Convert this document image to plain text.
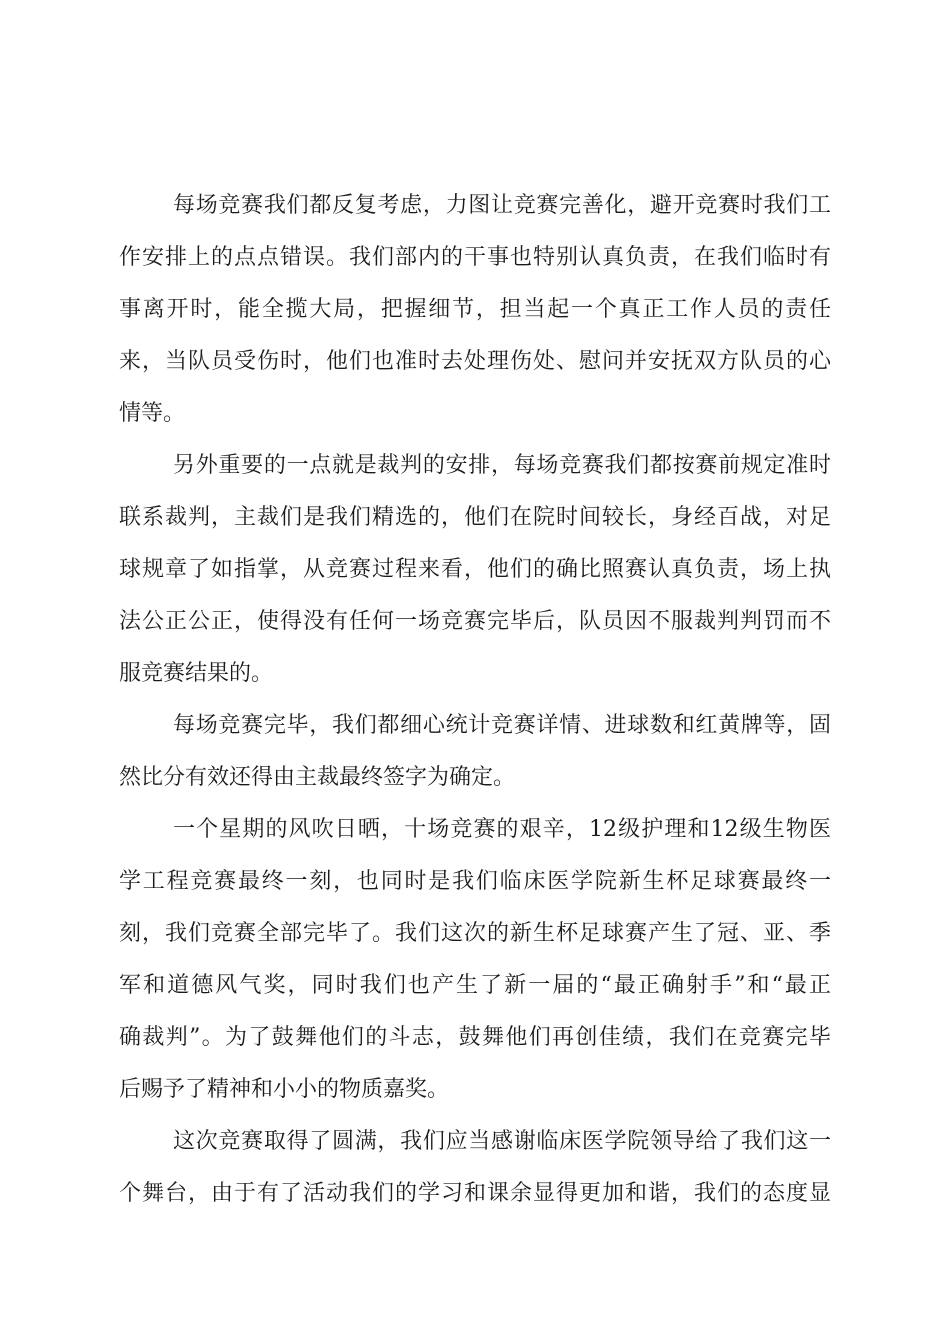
每场竞赛我们都反复考虑，力图让竞赛完善化，避开竞赛时我们工
作安排上的点点错误。我们部内的干事也特别认真负责，在我们临时有
事离开时，能全揽大局，把握细节，担当起一个真正工作人员的责任
来，当队员受伤时，他们也准时去处理伤处、慰问并安抚双方队员的心
情等。
另外重要的一点就是裁判的安排，每场竞赛我们都按赛前规定准时
联系裁判，主裁们是我们精选的，他们在院时间较长，身经百战，对足
球规章了如指掌，从竞赛过程来看，他们的确比照赛认真负责，场上执
法公正公正，使得没有任何一场竞赛完毕后，队员因不服裁判判罚而不
服竞赛结果的。
每场竞赛完毕，我们都细心统计竞赛详情、进球数和红黄牌等，固
然比分有效还得由主裁最终签字为确定。
一个星期的风吹日晒，十场竞赛的艰辛，12级护理和12级生物医
学工程竞赛最终一刻，也同时是我们临床医学院新生杯足球赛最终一
刻，我们竞赛全部完毕了。我们这次的新生杯足球赛产生了冠、亚、季
军和道德风气奖，同时我们也产生了新一届的“最正确射手”和“最正
确裁判”。为了鼓舞他们的斗志，鼓舞他们再创佳绩，我们在竞赛完毕
后赐予了精神和小小的物质嘉奖。
这次竞赛取得了圆满，我们应当感谢临床医学院领导给了我们这一
个舞台，由于有了活动我们的学习和课余显得更加和谐，我们的态度显
